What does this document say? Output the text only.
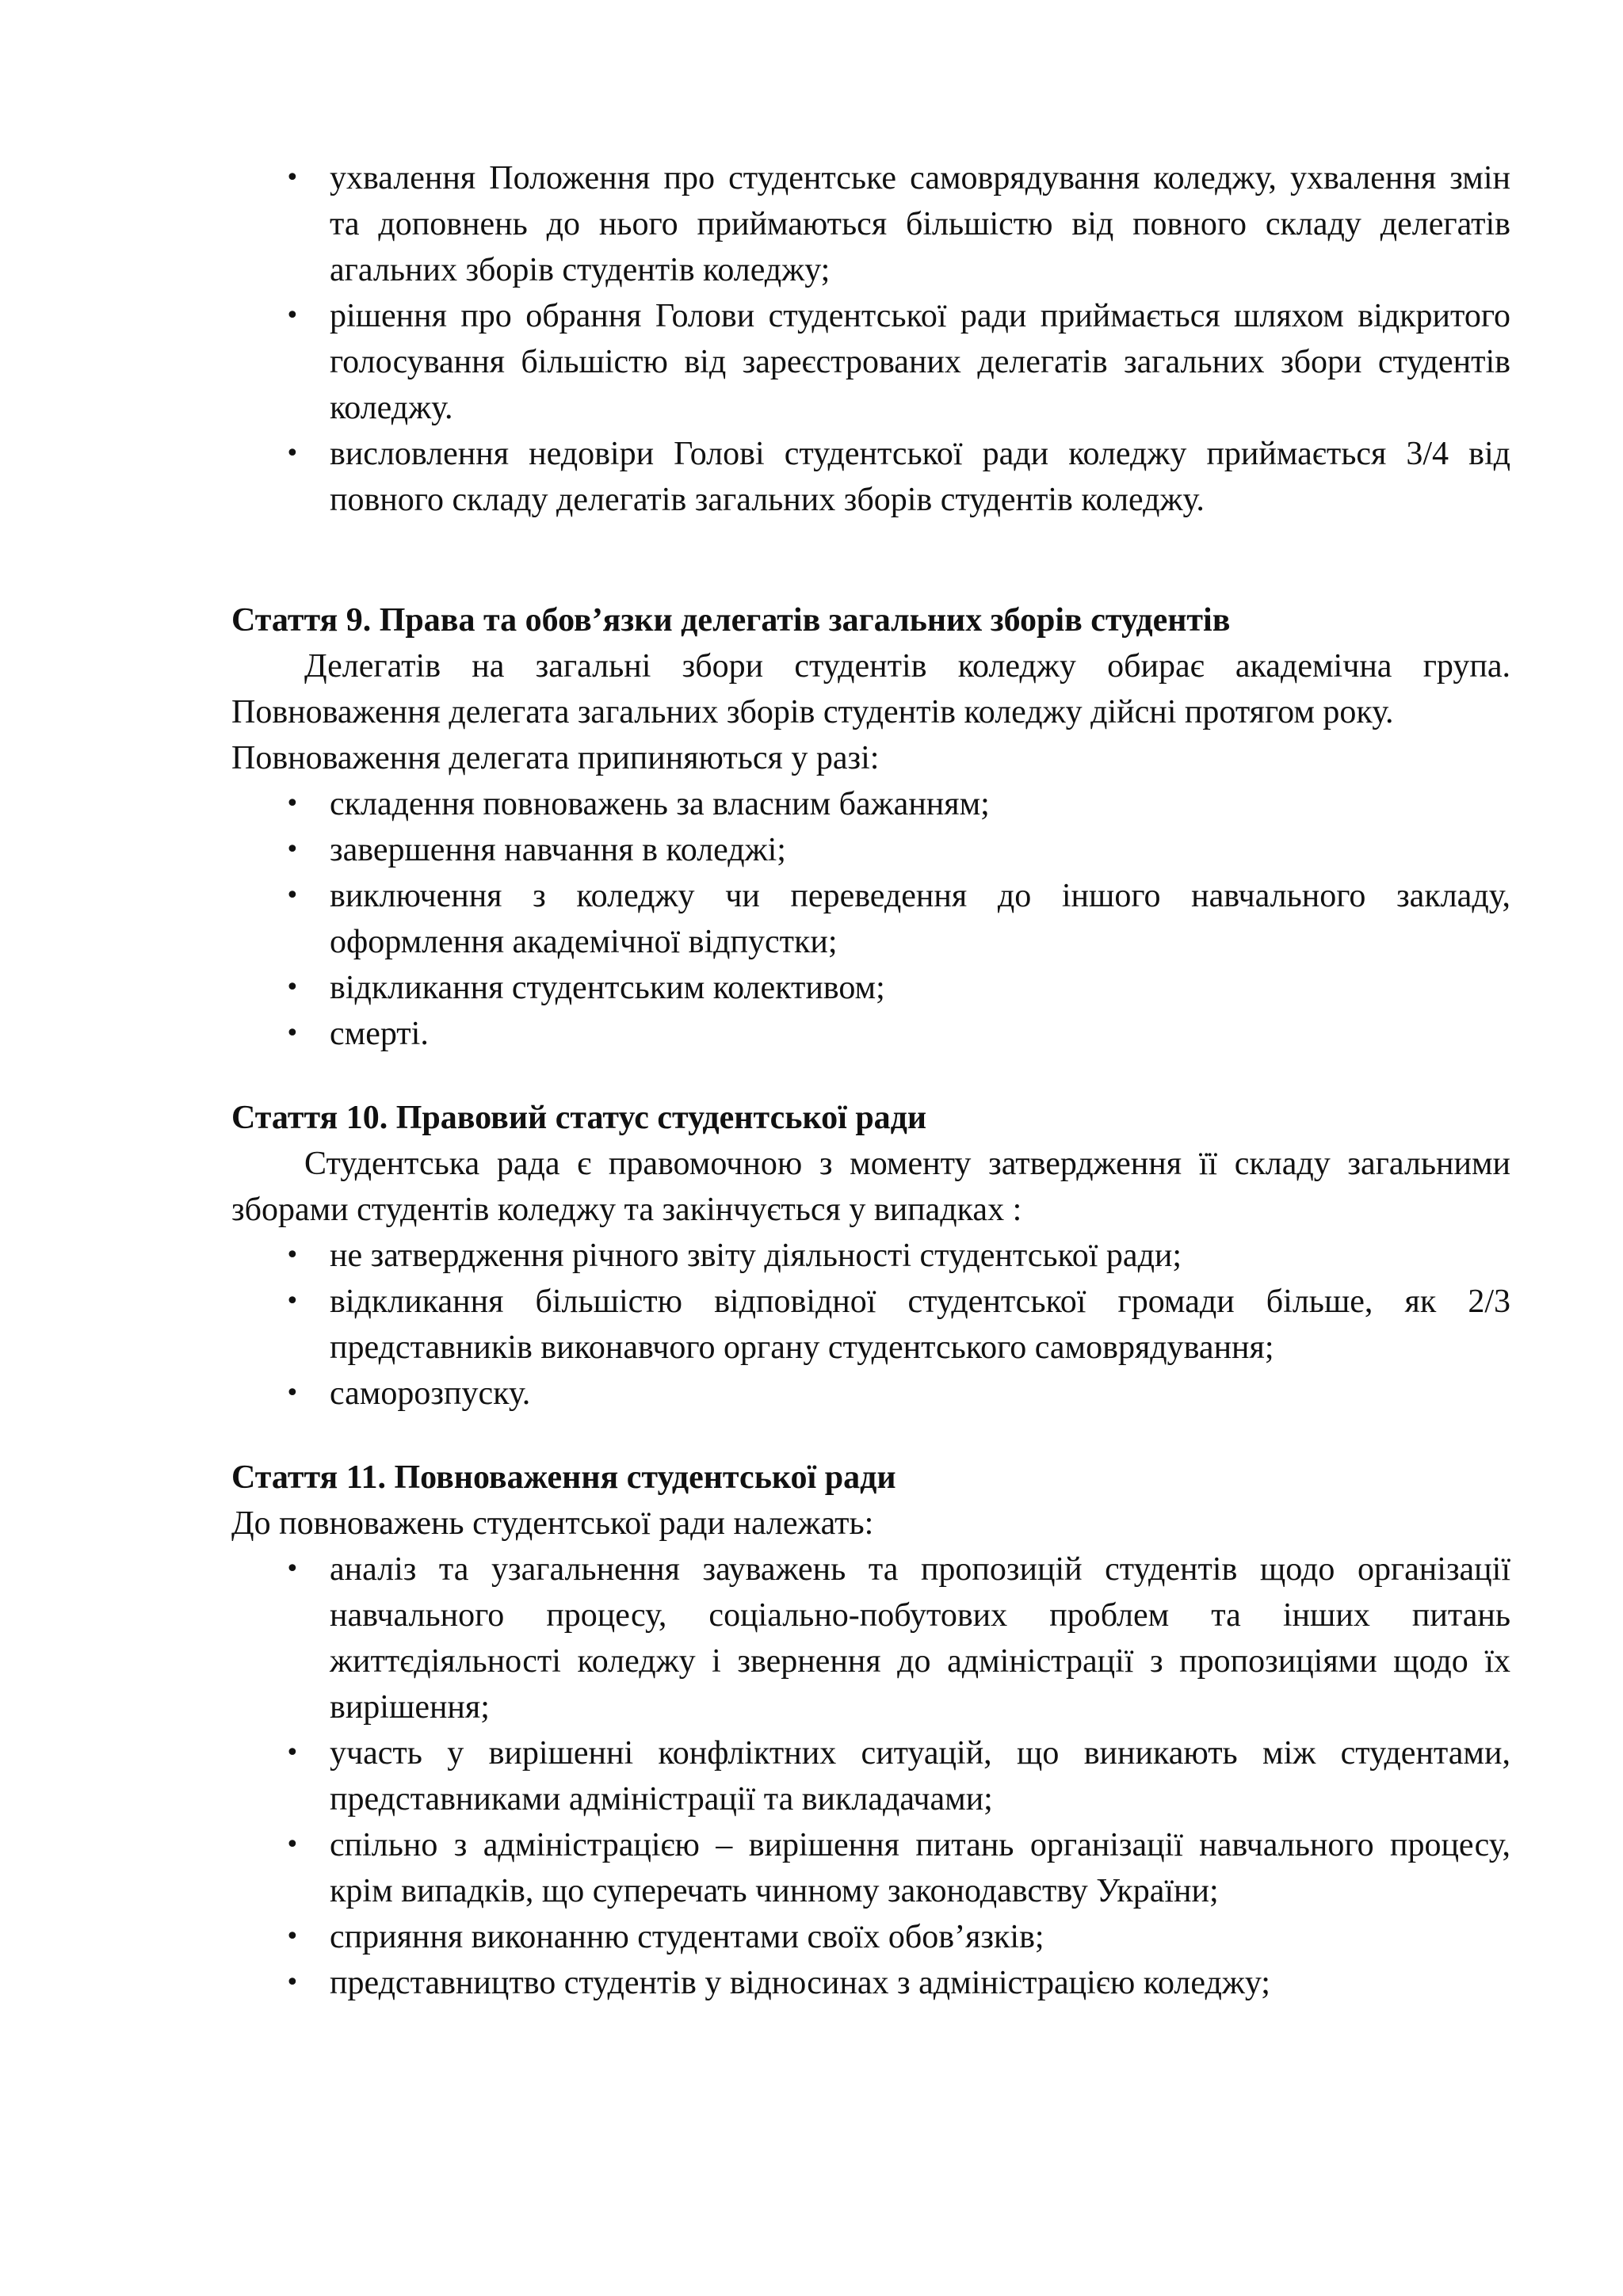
• ухвалення Положення про студентське самоврядування коледжу, ухвалення змін та доповнень до нього приймаються більшістю від повного складу делегатів агальних зборів студентів коледжу;
• рішення про обрання Голови студентської ради приймається шляхом відкритого голосування більшістю від зареєстрованих делегатів загальних збори студентів коледжу.
• висловлення недовіри Голові студентської ради коледжу приймається 3/4 від повного складу делегатів загальних зборів студентів коледжу.

Стаття 9. Права та обов’язки делегатів загальних зборів студентів

Делегатів на загальні збори студентів коледжу обирає академічна група. Повноваження делегата загальних зборів студентів коледжу дійсні протягом року.

Повноваження делегата припиняються у разі:

• складення повноважень за власним бажанням;
• завершення навчання в коледжі;
• виключення з коледжу чи переведення до іншого навчального закладу, оформлення академічної відпустки;
• відкликання студентським колективом;
• смерті.

Стаття 10. Правовий статус студентської ради

Студентська рада є правомочною з моменту затвердження її складу загальними зборами студентів коледжу та закінчується у випадках :

• не затвердження річного звіту діяльності студентської ради;
• відкликання більшістю відповідної студентської громади більше, як 2/3 представників виконавчого органу студентського самоврядування;
• саморозпуску.

Стаття 11. Повноваження студентської ради

До повноважень студентської ради належать:

• аналіз та узагальнення зауважень та пропозицій студентів щодо організації навчального процесу, соціально-побутових проблем та інших питань життєдіяльності коледжу і звернення до адміністрації з пропозиціями щодо їх вирішення;
• участь у вирішенні конфліктних ситуацій, що виникають між студентами, представниками адміністрації та викладачами;
• спільно з адміністрацією – вирішення питань організації навчального процесу, крім випадків, що суперечать чинному законодавству України;
• сприяння виконанню студентами своїх обов’язків;
• представництво студентів у відносинах з адміністрацією коледжу;
